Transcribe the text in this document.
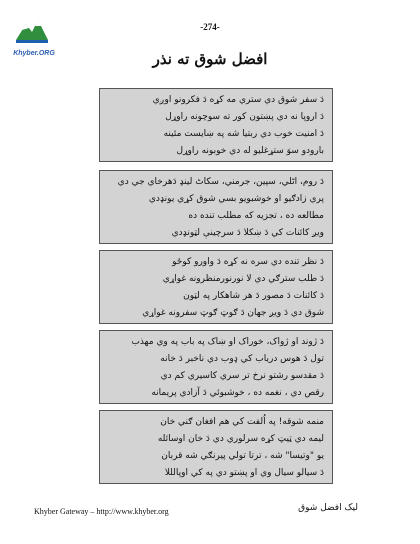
Khyber.ORG
-274-
افضل شوق ته نذر
دَ سفر شوق دي ستري مه کړه دَ فکرونو اوږي
دَ اروپا نه دي پښتون کور ته سوچونه راوړل
دَ امنيت خوب دي ربتيا شه په ښايست مئينه
بارودو سوَ ستړغليو له دي خوبونه راوړل
دَ روم، اٹلي، سپين، جرمني، سکاٹ لينډ دَهرخاي جي دي
پري زادګيو او خوشبويو بسي شوق کړي يونډدي
مطالعه ده ، تجزيه که مطلب تنده ده
ويږ کائنات کي دَ ښکلا دَ سرچينې لټونډدي
دَ نظر تنده دي سره نه کړه دَ واورو کوځو
دَ طلب سترګي دي لا نورنورمنظرونه غواړي
دَ کائنات دَ مصور دَ هر شاهکار په لټون
شوق دي دَ ويږ جهان دَ ګوټ ګوټ سفرونه غواړي
دَ ژوند او ژواک، خوراک او ښاک په باب په وي مهذب
تول دَ هوس درياب کي ډوب دي ناخبر دَ خانه
دَ مقدسو رشتو نرخ تر سري کاسيري کم دي
رقص دي ، نغمه ده ، خوشبوئي دَ آزادي پريمانه
منمه شوقه! په اُلفت کي هم افغان ګني خان
ليمه دي ټيټ کړه سرلوري دي دَ خان اوسائله
يو "وتيسا" شه ، ترتا تولي پيرنګي شه قربان
دَ سيالو سيال وي او پښتو دي په کي اوپالللا
Khyber Gateway – http://www.khyber.org	ليک افضل شوق
